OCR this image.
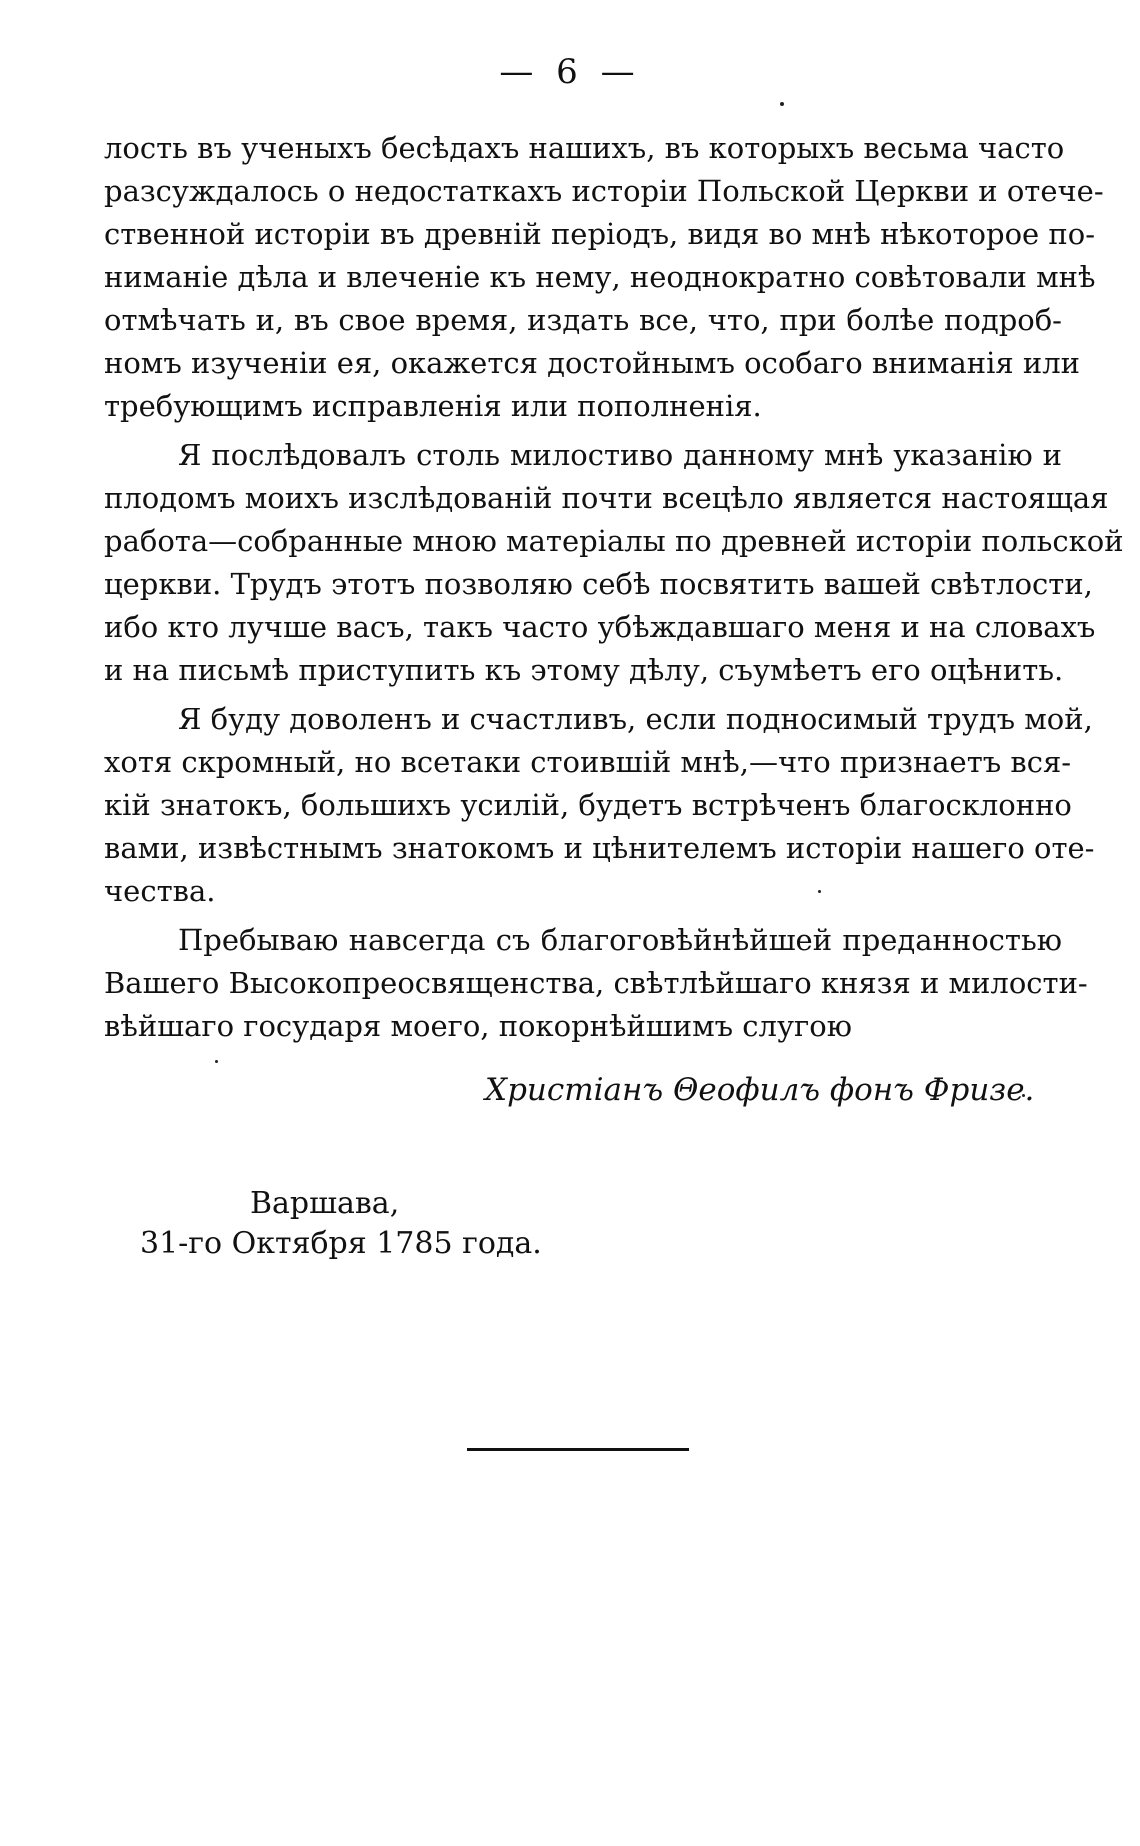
— 6 —
лость въ ученыхъ бесѣдахъ нашихъ, въ которыхъ весьма часто
разсуждалось о недостаткахъ исторіи Польской Церкви и отече-
ственной исторіи въ древній періодъ, видя во мнѣ нѣкоторое по-
ниманіе дѣла и влеченіе къ нему, неоднократно совѣтовали мнѣ
отмѣчать и, въ свое время, издать все, что, при болѣе подроб-
номъ изученіи ея, окажется достойнымъ особаго вниманія или
требующимъ исправленія или пополненія.
Я послѣдовалъ столь милостиво данному мнѣ указанію и
плодомъ моихъ изслѣдованій почти всецѣло является настоящая
работа—собранные мною матеріалы по древней исторіи польской
церкви. Трудъ этотъ позволяю себѣ посвятить вашей свѣтлости,
ибо кто лучше васъ, такъ часто убѣждавшаго меня и на словахъ
и на письмѣ приступить къ этому дѣлу, съумѣетъ его оцѣнить.
Я буду доволенъ и счастливъ, если подносимый трудъ мой,
хотя скромный, но всетаки стоившій мнѣ,—что признаетъ вся-
кій знатокъ, большихъ усилій, будетъ встрѣченъ благосклонно
вами, извѣстнымъ знатокомъ и цѣнителемъ исторіи нашего оте-
чества.
Пребываю навсегда съ благоговѣйнѣйшей преданностью
Вашего Высокопреосвященства, свѣтлѣйшаго князя и милости-
вѣйшаго государя моего, покорнѣйшимъ слугою
Христіанъ Θеофилъ фонъ Фризе.
Варшава,
31-го Октября 1785 года.
